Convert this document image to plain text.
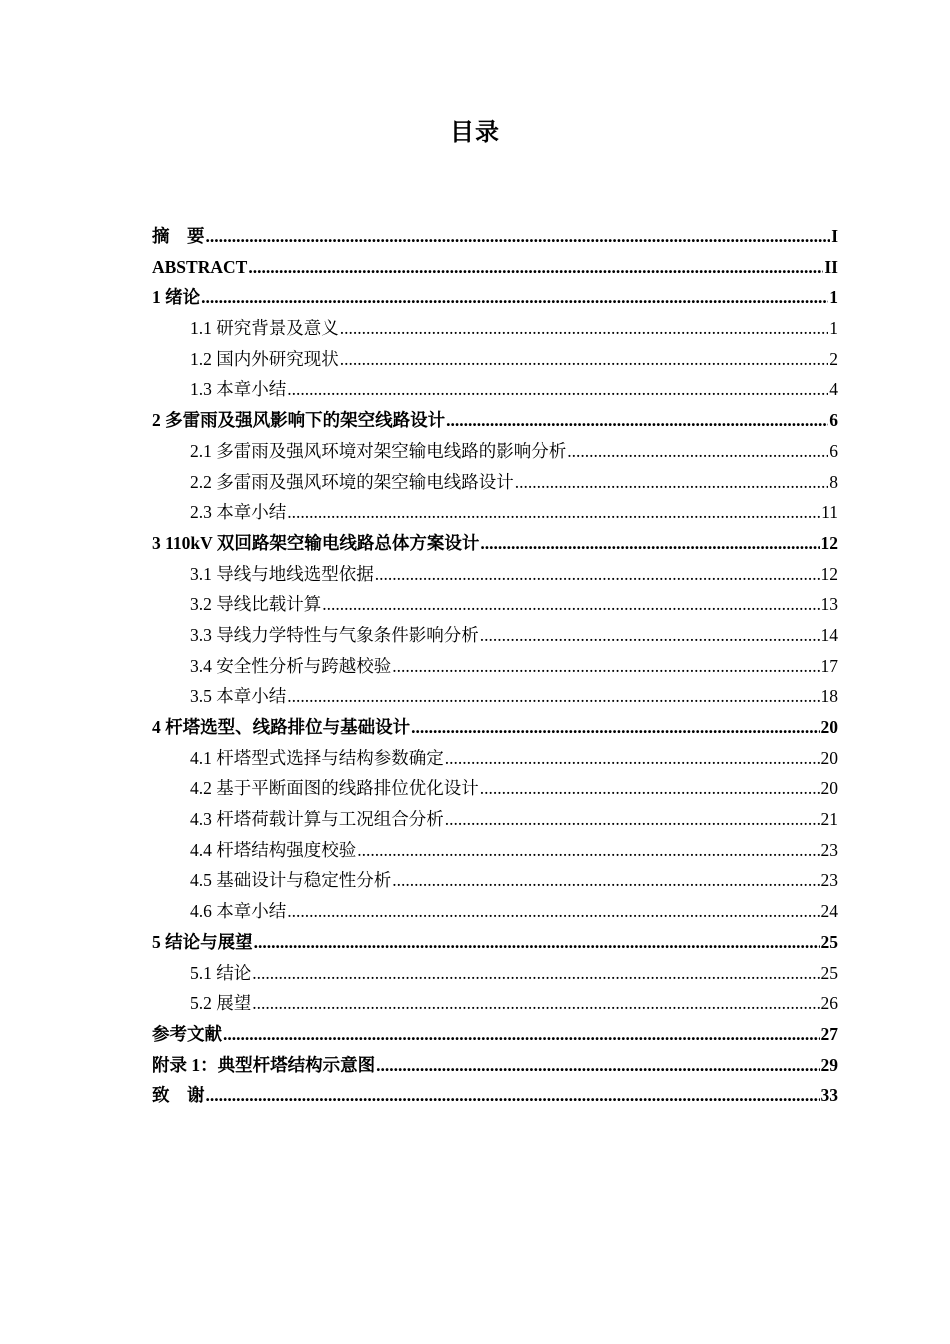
目录
摘　要 .....	I
ABSTRACT .....	II
1 绪论 .....	1
1.1 研究背景及意义 .....	1
1.2 国内外研究现状 .....	2
1.3 本章小结 .....	4
2 多雷雨及强风影响下的架空线路设计 .....	6
2.1 多雷雨及强风环境对架空输电线路的影响分析 .....	6
2.2 多雷雨及强风环境的架空输电线路设计 .....	8
2.3 本章小结 .....	11
3 110kV 双回路架空输电线路总体方案设计 .....	12
3.1 导线与地线选型依据 .....	12
3.2 导线比载计算 .....	13
3.3 导线力学特性与气象条件影响分析 .....	14
3.4 安全性分析与跨越校验 .....	17
3.5 本章小结 .....	18
4 杆塔选型、线路排位与基础设计 .....	20
4.1 杆塔型式选择与结构参数确定 .....	20
4.2 基于平断面图的线路排位优化设计 .....	20
4.3 杆塔荷载计算与工况组合分析 .....	21
4.4 杆塔结构强度校验 .....	23
4.5 基础设计与稳定性分析 .....	23
4.6 本章小结 .....	24
5 结论与展望 .....	25
5.1 结论 .....	25
5.2 展望 .....	26
参考文献 .....	27
附录 1：典型杆塔结构示意图 .....	29
致　谢 .....	33
